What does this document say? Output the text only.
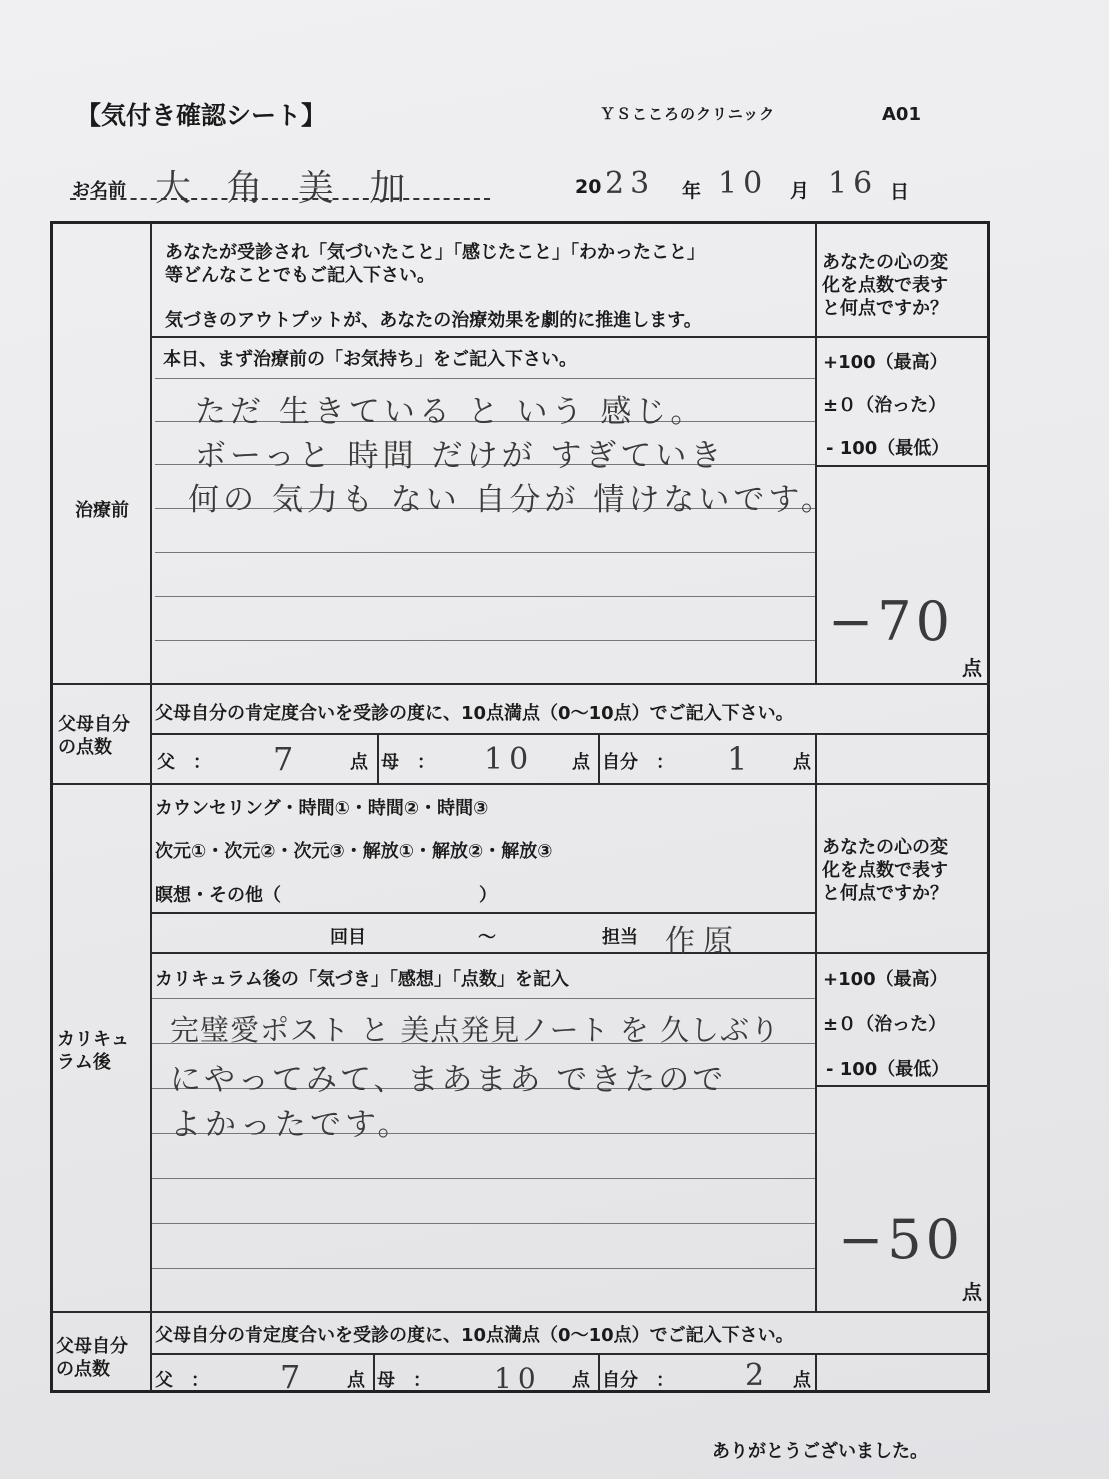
【気付き確認シート】	ＹＳこころのクリニック	A01
お名前 大 角 美 加	20 23 年 10 月 16 日
あなたが受診され「気づいたこと」「感じたこと」「わかったこと」
等どんなことでもご記入下さい。
気づきのアウトプットが、あなたの治療効果を劇的に推進します。
あなたの心の変
化を点数で表す
と何点ですか？
治療前
本日、まず治療前の「お気持ち」をご記入下さい。
ただ 生きている と いう 感じ。
ボーっと 時間 だけが すぎていき
何の 気力も ない 自分が 情けないです。
+100（最高）
±０（治った）
- 100（最低）
−70
点
父母自分
の点数
父母自分の肯定度合いを受診の度に、10点満点（0〜10点）でご記入下さい。
父　： 7	点 母　： 10 点 自分　： 1	点
カリキュ
ラム後
カウンセリング・時間①・時間②・時間③
次元①・次元②・次元③・解放①・解放②・解放③
瞑想・その他（　　　　　　　　　　　）
回目	〜	担当 作原
あなたの心の変
化を点数で表す
と何点ですか？
カリキュラム後の「気づき」「感想」「点数」を記入
完璧愛ポスト と 美点発見ノート を 久しぶり
にやってみて、まあまあ できたので
よかったです。
+100（最高）
±０（治った）
- 100（最低）
−50
点
父母自分
の点数
父母自分の肯定度合いを受診の度に、10点満点（0〜10点）でご記入下さい。
父　： 7	点 母　： 10 点 自分　： 2 点
ありがとうございました。
